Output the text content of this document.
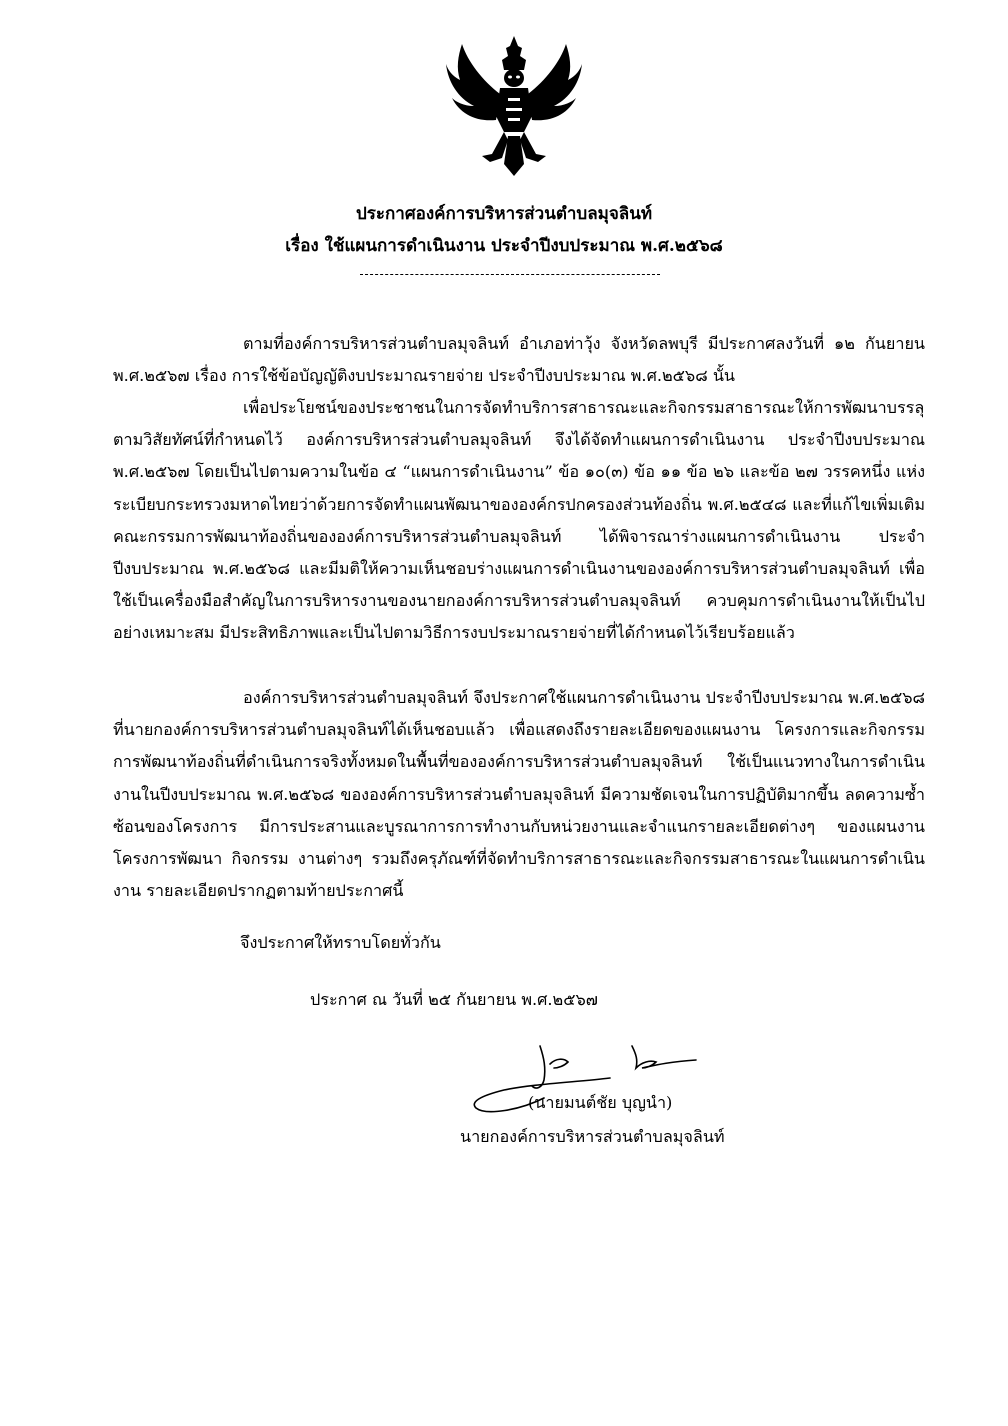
ประกาศองค์การบริหารส่วนตำบลมุจลินท์
เรื่อง ใช้แผนการดำเนินงาน ประจำปีงบประมาณ พ.ศ.๒๕๖๘
ตามที่องค์การบริหารส่วนตำบลมุจลินท์ อำเภอท่าวุ้ง จังหวัดลพบุรี มีประกาศลงวันที่ ๑๒ กันยายน พ.ศ.๒๕๖๗ เรื่อง การใช้ข้อบัญญัติงบประมาณรายจ่าย ประจำปีงบประมาณ พ.ศ.๒๕๖๘ นั้น
เพื่อประโยชน์ของประชาชนในการจัดทำบริการสาธารณะและกิจกรรมสาธารณะให้การพัฒนาบรรลุตามวิสัยทัศน์ที่กำหนดไว้ องค์การบริหารส่วนตำบลมุจลินท์ จึงได้จัดทำแผนการดำเนินงาน ประจำปีงบประมาณ พ.ศ.๒๕๖๗ โดยเป็นไปตามความในข้อ ๔ “แผนการดำเนินงาน” ข้อ ๑๐(๓) ข้อ ๑๑ ข้อ ๒๖ และข้อ ๒๗ วรรคหนึ่ง แห่งระเบียบกระทรวงมหาดไทยว่าด้วยการจัดทำแผนพัฒนาขององค์กรปกครองส่วนท้องถิ่น พ.ศ.๒๕๔๘ และที่แก้ไขเพิ่มเติม คณะกรรมการพัฒนาท้องถิ่นขององค์การบริหารส่วนตำบลมุจลินท์ ได้พิจารณาร่างแผนการดำเนินงาน ประจำปีงบประมาณ พ.ศ.๒๕๖๘ และมีมติให้ความเห็นชอบร่างแผนการดำเนินงานขององค์การบริหารส่วนตำบลมุจลินท์ เพื่อใช้เป็นเครื่องมือสำคัญในการบริหารงานของนายกองค์การบริหารส่วนตำบลมุจลินท์ ควบคุมการดำเนินงานให้เป็นไปอย่างเหมาะสม มีประสิทธิภาพและเป็นไปตามวิธีการงบประมาณรายจ่ายที่ได้กำหนดไว้เรียบร้อยแล้ว
องค์การบริหารส่วนตำบลมุจลินท์ จึงประกาศใช้แผนการดำเนินงาน ประจำปีงบประมาณ พ.ศ.๒๕๖๘ ที่นายกองค์การบริหารส่วนตำบลมุจลินท์ได้เห็นชอบแล้ว เพื่อแสดงถึงรายละเอียดของแผนงาน โครงการและกิจกรรมการพัฒนาท้องถิ่นที่ดำเนินการจริงทั้งหมดในพื้นที่ขององค์การบริหารส่วนตำบลมุจลินท์ ใช้เป็นแนวทางในการดำเนินงานในปีงบประมาณ พ.ศ.๒๕๖๘ ขององค์การบริหารส่วนตำบลมุจลินท์ มีความชัดเจนในการปฏิบัติมากขึ้น ลดความซ้ำซ้อนของโครงการ มีการประสานและบูรณาการการทำงานกับหน่วยงานและจำแนกรายละเอียดต่างๆ ของแผนงาน โครงการพัฒนา กิจกรรม งานต่างๆ รวมถึงครุภัณฑ์ที่จัดทำบริการสาธารณะและกิจกรรมสาธารณะในแผนการดำเนินงาน รายละเอียดปรากฏตามท้ายประกาศนี้
จึงประกาศให้ทราบโดยทั่วกัน
ประกาศ ณ วันที่ ๒๕ กันยายน พ.ศ.๒๕๖๗
(นายมนต์ชัย บุญนำ)
นายกองค์การบริหารส่วนตำบลมุจลินท์
